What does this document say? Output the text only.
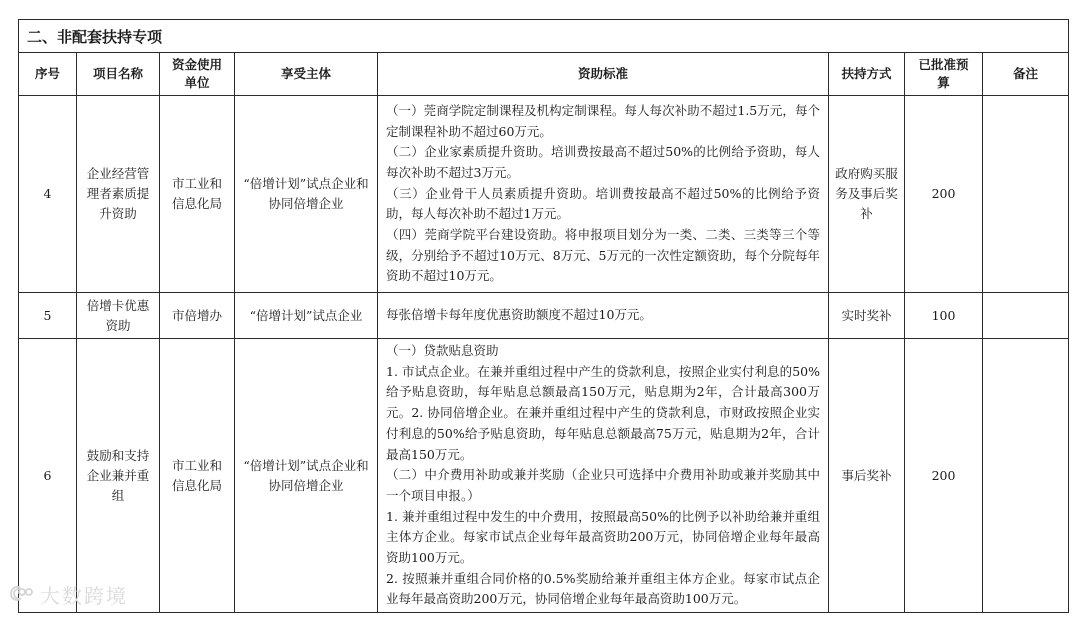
二、非配套扶持专项							
序号	项目名称	资金使用单位	享受主体	资助标准	扶持方式	已批准预算	备注
4	企业经营管理者素质提升资助	市工业和信息化局	“倍增计划”试点企业和协同倍增企业	（一）莞商学院定制课程及机构定制课程。每人每次补助不超过1.5万元，每个定制课程补助不超过60万元。
（二）企业家素质提升资助。培训费按最高不超过50%的比例给予资助，每人每次补助不超过3万元。
（三）企业骨干人员素质提升资助。培训费按最高不超过50%的比例给予资助，每人每次补助不超过1万元。
（四）莞商学院平台建设资助。将申报项目划分为一类、二类、三类等三个等级，分别给予不超过10万元、8万元、5万元的一次性定额资助，每个分院每年资助不超过10万元。	政府购买服务及事后奖补	200	
5	倍增卡优惠资助	市倍增办	“倍增计划”试点企业	每张倍增卡每年度优惠资助额度不超过10万元。	实时奖补	100	
6	鼓励和支持企业兼并重组	市工业和信息化局	“倍增计划”试点企业和协同倍增企业	（一）贷款贴息资助
1. 市试点企业。在兼并重组过程中产生的贷款利息，按照企业实付利息的50%给予贴息资助，每年贴息总额最高150万元，贴息期为2年，合计最高300万元。2. 协同倍增企业。在兼并重组过程中产生的贷款利息，市财政按照企业实付利息的50%给予贴息资助，每年贴息总额最高75万元，贴息期为2年，合计最高150万元。
（二）中介费用补助或兼并奖励（企业只可选择中介费用补助或兼并奖励其中一个项目申报。）
1. 兼并重组过程中发生的中介费用，按照最高50%的比例予以补助给兼并重组主体方企业。每家市试点企业每年最高资助200万元，协同倍增企业每年最高资助100万元。
2. 按照兼并重组合同价格的0.5%奖励给兼并重组主体方企业。每家市试点企业每年最高资助200万元，协同倍增企业每年最高资助100万元。	事后奖补	200	
大数跨境
